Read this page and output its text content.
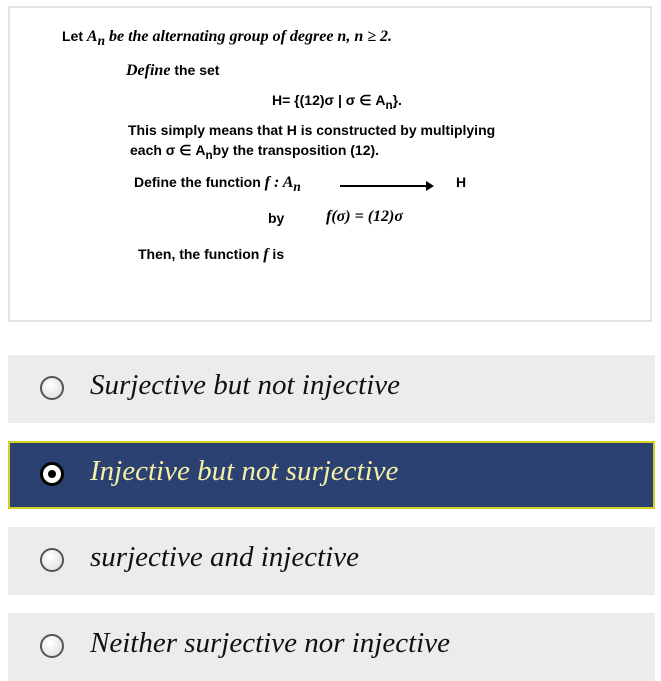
Let $A_n$ be the alternating group of degree n, n ≥ 2.
Define the set
H= {(12)σ | σ ∈ $A_n$}.
This simply means that H is constructed by multiplying
each σ ∈ $A_nby$ the transposition (12).
Define the function f : $A_n$	H
by	f(σ) = (12)σ
Then, the function f is
Surjective but not injective
Injective but not surjective
surjective and injective
Neither surjective nor injective
